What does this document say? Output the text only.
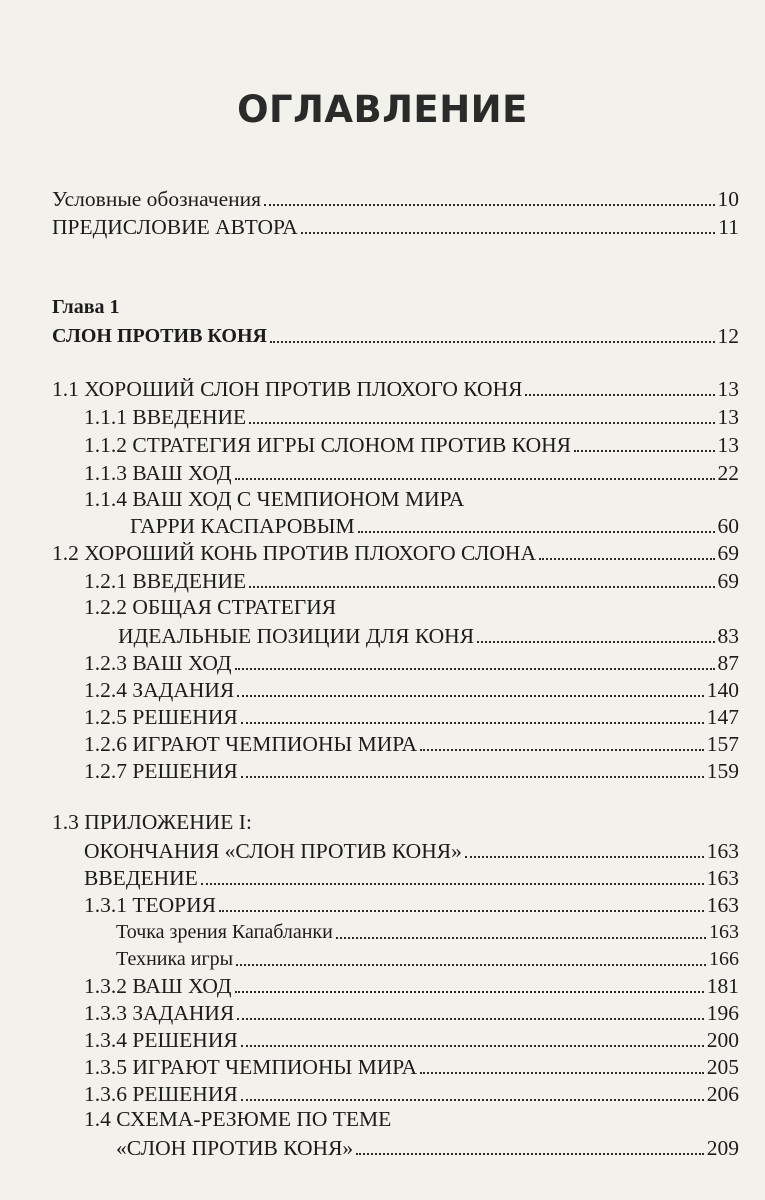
ОГЛАВЛЕНИЕ
Условные обозначения	10
ПРЕДИСЛОВИЕ АВТОРА	11
Глава 1
СЛОН ПРОТИВ КОНЯ	12
1.1 ХОРОШИЙ СЛОН ПРОТИВ ПЛОХОГО КОНЯ	13
1.1.1 ВВЕДЕНИЕ	13
1.1.2 СТРАТЕГИЯ ИГРЫ СЛОНОМ ПРОТИВ КОНЯ	13
1.1.3 ВАШ ХОД	22
1.1.4 ВАШ ХОД С ЧЕМПИОНОМ МИРА
ГАРРИ КАСПАРОВЫМ	60
1.2 ХОРОШИЙ КОНЬ ПРОТИВ ПЛОХОГО СЛОНА	69
1.2.1 ВВЕДЕНИЕ	69
1.2.2 ОБЩАЯ СТРАТЕГИЯ
ИДЕАЛЬНЫЕ ПОЗИЦИИ ДЛЯ КОНЯ	83
1.2.3 ВАШ ХОД	87
1.2.4 ЗАДАНИЯ	140
1.2.5 РЕШЕНИЯ	147
1.2.6 ИГРАЮТ ЧЕМПИОНЫ МИРА	157
1.2.7 РЕШЕНИЯ	159
1.3 ПРИЛОЖЕНИЕ I:
ОКОНЧАНИЯ «СЛОН ПРОТИВ КОНЯ»	163
ВВЕДЕНИЕ	163
1.3.1 ТЕОРИЯ	163
Точка зрения Капабланки	163
Техника игры	166
1.3.2 ВАШ ХОД	181
1.3.3 ЗАДАНИЯ	196
1.3.4 РЕШЕНИЯ	200
1.3.5 ИГРАЮТ ЧЕМПИОНЫ МИРА	205
1.3.6 РЕШЕНИЯ	206
1.4 СХЕМА-РЕЗЮМЕ ПО ТЕМЕ
«СЛОН ПРОТИВ КОНЯ»	209
